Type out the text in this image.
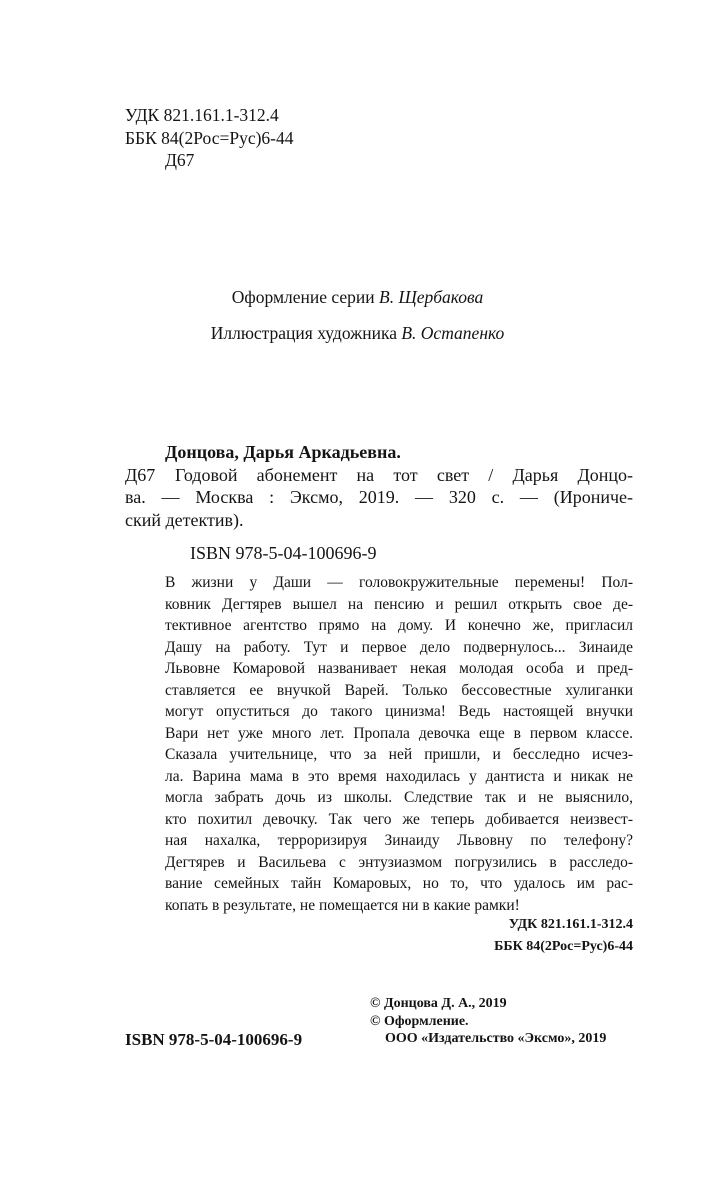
УДК 821.161.1-312.4
ББК 84(2Рос=Рус)6-44
Д67
Оформление серии В. Щербакова
Иллюстрация художника В. Остапенко
Донцова, Дарья Аркадьевна.
Д67	Годовой абонемент на тот свет / Дарья Донцо-
ва. — Москва : Эксмо, 2019. — 320 с. — (Ирониче-
ский детектив).
ISBN 978-5-04-100696-9
В жизни у Даши — головокружительные перемены! Пол-
ковник Дегтярев вышел на пенсию и решил открыть свое де-
тективное агентство прямо на дому. И конечно же, пригласил
Дашу на работу. Тут и первое дело подвернулось... Зинаиде
Львовне Комаровой названивает некая молодая особа и пред-
ставляется ее внучкой Варей. Только бессовестные хулиганки
могут опуститься до такого цинизма! Ведь настоящей внучки
Вари нет уже много лет. Пропала девочка еще в первом классе.
Сказала учительнице, что за ней пришли, и бесследно исчез-
ла. Варина мама в это время находилась у дантиста и никак не
могла забрать дочь из школы. Следствие так и не выяснило,
кто похитил девочку. Так чего же теперь добивается неизвест-
ная нахалка, терроризируя Зинаиду Львовну по телефону?
Дегтярев и Васильева с энтузиазмом погрузились в расследо-
вание семейных тайн Комаровых, но то, что удалось им рас-
копать в результате, не помещается ни в какие рамки!
УДК 821.161.1-312.4
ББК 84(2Рос=Рус)6-44
ISBN 978-5-04-100696-9
© Донцова Д. А., 2019
© Оформление.
ООО «Издательство «Эксмо», 2019
